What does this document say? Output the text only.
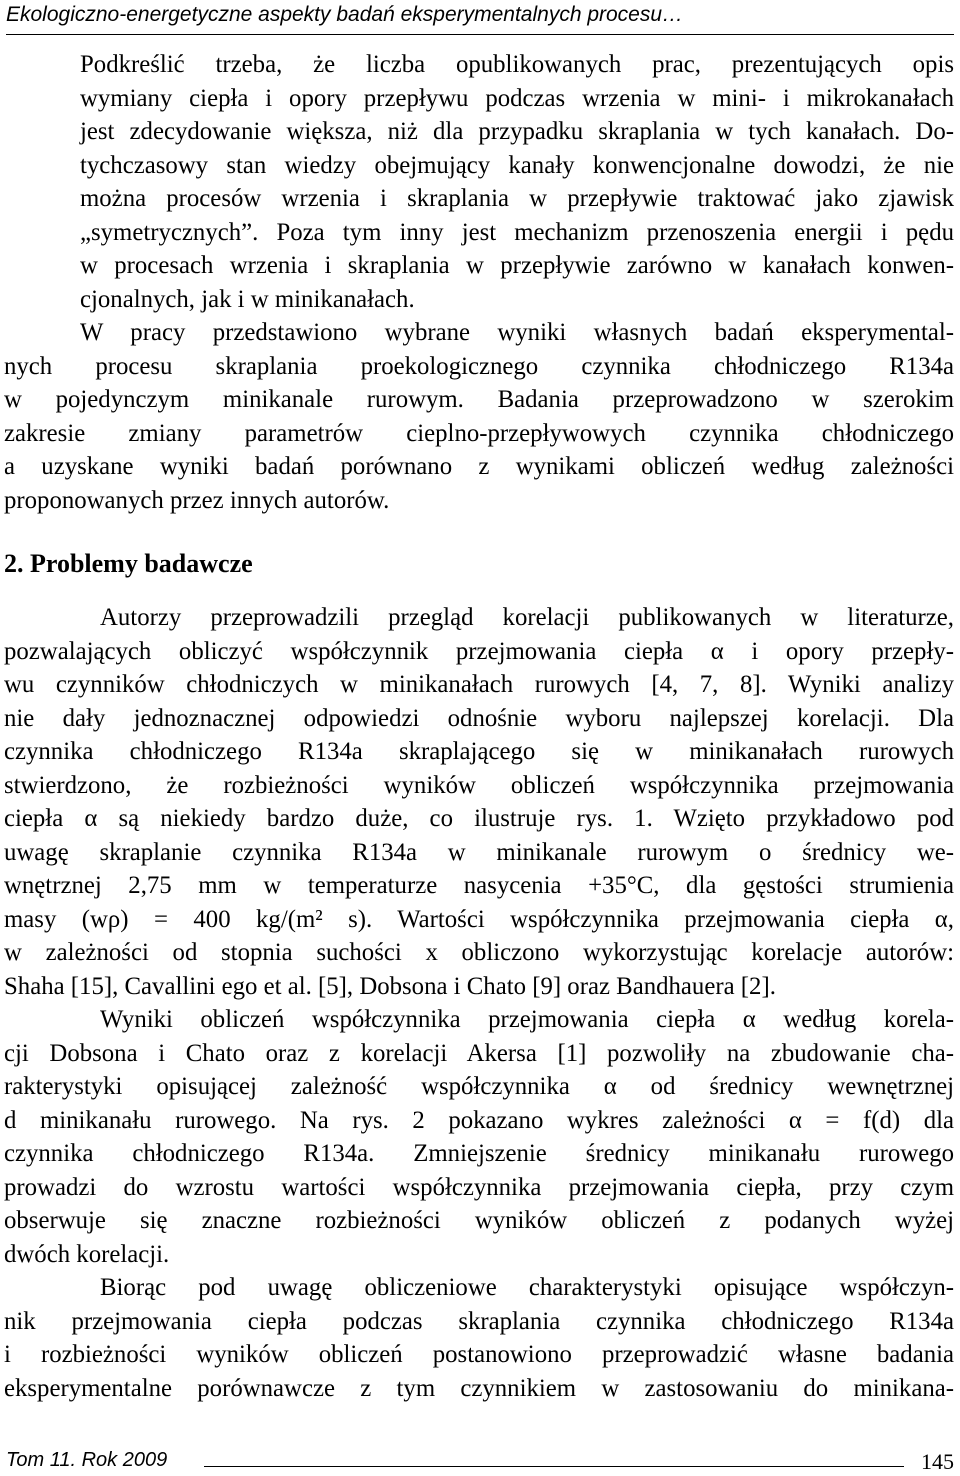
Ekologiczno-energetyczne aspekty badań eksperymentalnych procesu…

Podkreślić trzeba, że liczba opublikowanych prac, prezentujących opis
wymiany ciepła i opory przepływu podczas wrzenia w mini- i mikrokanałach
jest zdecydowanie większa, niż dla przypadku skraplania w tych kanałach. Do-
tychczasowy stan wiedzy obejmujący kanały konwencjonalne dowodzi, że nie
można procesów wrzenia i skraplania w przepływie traktować jako zjawisk
„symetrycznych”. Poza tym inny jest mechanizm przenoszenia energii i pędu
w procesach wrzenia i skraplania w przepływie zarówno w kanałach konwen-
cjonalnych, jak i w minikanałach.

W pracy przedstawiono wybrane wyniki własnych badań eksperymental-
nych procesu skraplania proekologicznego czynnika chłodniczego R134a
w pojedynczym minikanale rurowym. Badania przeprowadzono w szerokim
zakresie zmiany parametrów cieplno-przepływowych czynnika chłodniczego
a uzyskane wyniki badań porównano z wynikami obliczeń według zależności
proponowanych przez innych autorów.

2. Problemy badawcze

Autorzy przeprowadzili przegląd korelacji publikowanych w literaturze,
pozwalających obliczyć współczynnik przejmowania ciepła α i opory przepły-
wu czynników chłodniczych w minikanałach rurowych [4, 7, 8]. Wyniki analizy
nie dały jednoznacznej odpowiedzi odnośnie wyboru najlepszej korelacji. Dla
czynnika chłodniczego R134a skraplającego się w minikanałach rurowych
stwierdzono, że rozbieżności wyników obliczeń współczynnika przejmowania
ciepła α są niekiedy bardzo duże, co ilustruje rys. 1. Wzięto przykładowo pod
uwagę skraplanie czynnika R134a w minikanale rurowym o średnicy we-
wnętrznej 2,75 mm w temperaturze nasycenia +35°C, dla gęstości strumienia
masy (wρ) = 400 kg/(m² s). Wartości współczynnika przejmowania ciepła α,
w zależności od stopnia suchości x obliczono wykorzystując korelacje autorów:
Shaha [15], Cavallini ego et al. [5], Dobsona i Chato [9] oraz Bandhauera [2].

Wyniki obliczeń współczynnika przejmowania ciepła α według korela-
cji Dobsona i Chato oraz z korelacji Akersa [1] pozwoliły na zbudowanie cha-
rakterystyki opisującej zależność współczynnika α od średnicy wewnętrznej
d minikanału rurowego. Na rys. 2 pokazano wykres zależności α = f(d) dla
czynnika chłodniczego R134a. Zmniejszenie średnicy minikanału rurowego
prowadzi do wzrostu wartości współczynnika przejmowania ciepła, przy czym
obserwuje się znaczne rozbieżności wyników obliczeń z podanych wyżej
dwóch korelacji.

Biorąc pod uwagę obliczeniowe charakterystyki opisujące współczyn-
nik przejmowania ciepła podczas skraplania czynnika chłodniczego R134a
i rozbieżności wyników obliczeń postanowiono przeprowadzić własne badania
eksperymentalne porównawcze z tym czynnikiem w zastosowaniu do minikana-

Tom 11. Rok 2009	145
